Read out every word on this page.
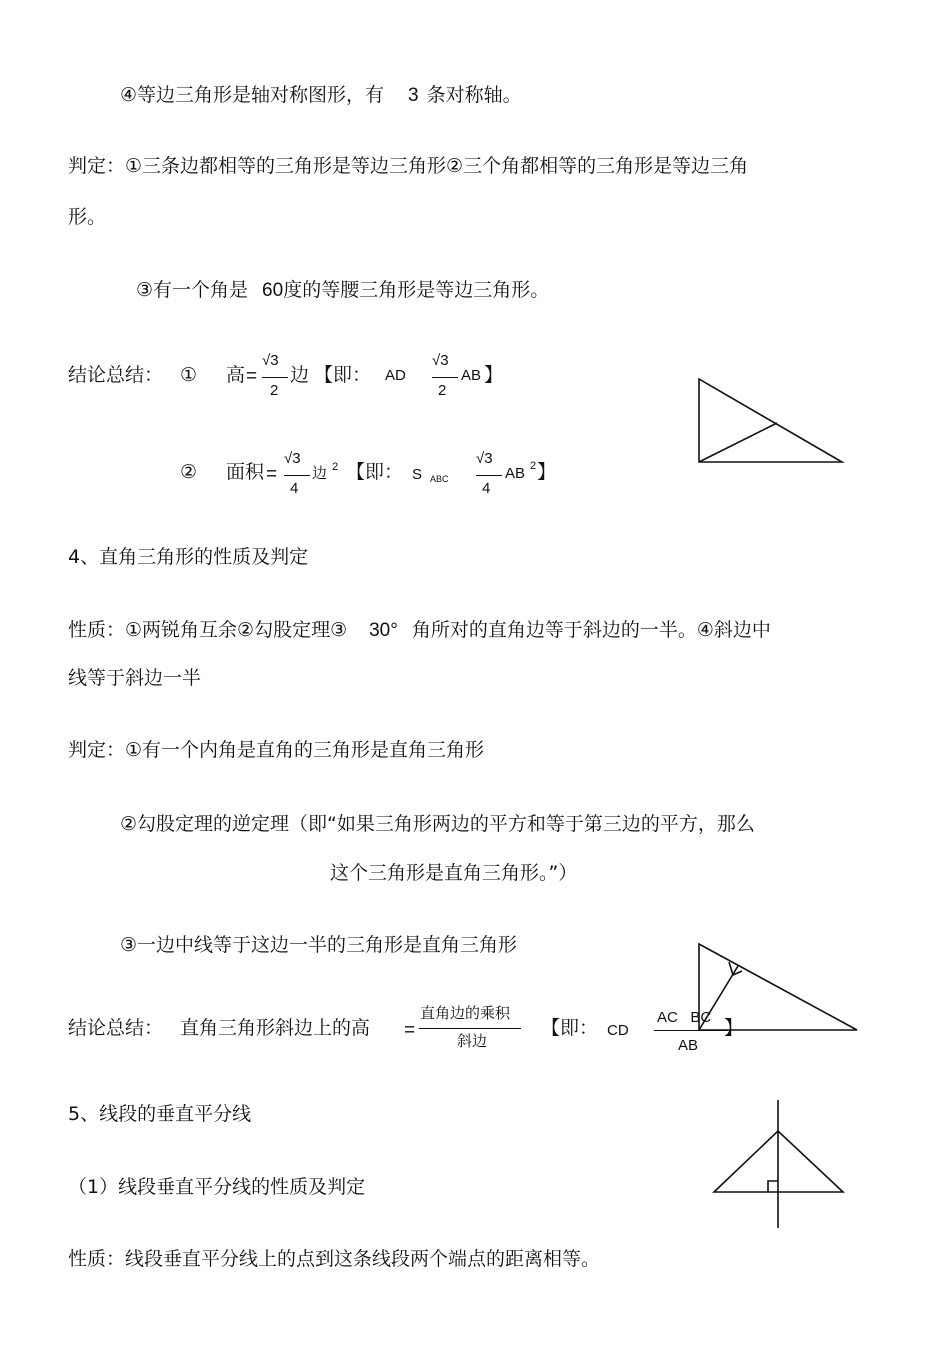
④等边三角形是轴对称图形，有 3 条对称轴。
判定：①三条边都相等的三角形是等边三角形②三个角都相等的三角形是等边三角
形。
③有一个角是 60度的等腰三角形是等边三角形。
结论总结： ① 高 =
√3
2
边 【即： AD
√3
2
AB 】
② 面积 =
√3
4
边 2 【即： S ABC
√3
4
AB 2 】
4、直角三角形的性质及判定
性质：①两锐角互余②勾股定理③ 30° 角所对的直角边等于斜边的一半。④斜边中
线等于斜边一半
判定：①有一个内角是直角的三角形是直角三角形
②勾股定理的逆定理（即“如果三角形两边的平方和等于第三边的平方，那么
这个三角形是直角三角形。”）
③一边中线等于这边一半的三角形是直角三角形
结论总结： 直角三角形斜边上的高 =
直角边的乘积
斜边
【即： CD
AC   BC
AB
】
5、线段的垂直平分线
（1）线段垂直平分线的性质及判定
性质：线段垂直平分线上的点到这条线段两个端点的距离相等。
